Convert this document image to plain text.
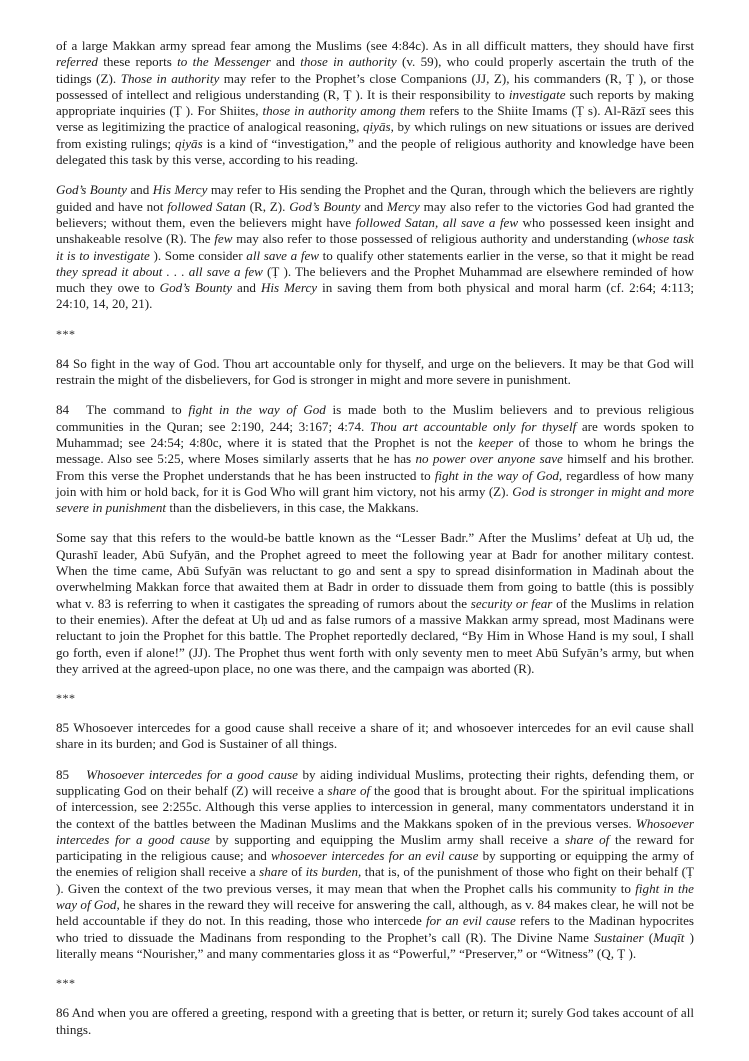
of a large Makkan army spread fear among the Muslims (see 4:84c). As in all difficult matters, they should have first referred these reports to the Messenger and those in authority (v. 59), who could properly ascertain the truth of the tidings (Z). Those in authority may refer to the Prophet’s close Companions (JJ, Z), his commanders (R, Ṭ ), or those possessed of intellect and religious understanding (R, Ṭ ). It is their responsibility to investigate such reports by making appropriate inquiries (Ṭ ). For Shiites, those in authority among them refers to the Shiite Imams (Ṭ s). Al-Rāzī sees this verse as legitimizing the practice of analogical reasoning, qiyās, by which rulings on new situations or issues are derived from existing rulings; qiyās is a kind of “investigation,” and the people of religious authority and knowledge have been delegated this task by this verse, according to his reading.

God’s Bounty and His Mercy may refer to His sending the Prophet and the Quran, through which the believers are rightly guided and have not followed Satan (R, Z). God’s Bounty and Mercy may also refer to the victories God had granted the believers; without them, even the believers might have followed Satan, all save a few who possessed keen insight and unshakeable resolve (R). The few may also refer to those possessed of religious authority and understanding (whose task it is to investigate ). Some consider all save a few to qualify other statements earlier in the verse, so that it might be read they spread it about . . . all save a few (Ṭ ). The believers and the Prophet Muhammad are elsewhere reminded of how much they owe to God’s Bounty and His Mercy in saving them from both physical and moral harm (cf. 2:64; 4:113; 24:10, 14, 20, 21).

***

84 So fight in the way of God. Thou art accountable only for thyself, and urge on the believers. It may be that God will restrain the might of the disbelievers, for God is stronger in might and more severe in punishment.

84 The command to fight in the way of God is made both to the Muslim believers and to previous religious communities in the Quran; see 2:190, 244; 3:167; 4:74. Thou art accountable only for thyself are words spoken to Muhammad; see 24:54; 4:80c, where it is stated that the Prophet is not the keeper of those to whom he brings the message. Also see 5:25, where Moses similarly asserts that he has no power over anyone save himself and his brother. From this verse the Prophet understands that he has been instructed to fight in the way of God, regardless of how many join with him or hold back, for it is God Who will grant him victory, not his army (Z). God is stronger in might and more severe in punishment than the disbelievers, in this case, the Makkans.

Some say that this refers to the would-be battle known as the “Lesser Badr.” After the Muslims’ defeat at Uḥ ud, the Qurashī leader, Abū Sufyān, and the Prophet agreed to meet the following year at Badr for another military contest. When the time came, Abū Sufyān was reluctant to go and sent a spy to spread disinformation in Madinah about the overwhelming Makkan force that awaited them at Badr in order to dissuade them from going to battle (this is possibly what v. 83 is referring to when it castigates the spreading of rumors about the security or fear of the Muslims in relation to their enemies). After the defeat at Uḥ ud and as false rumors of a massive Makkan army spread, most Madinans were reluctant to join the Prophet for this battle. The Prophet reportedly declared, “By Him in Whose Hand is my soul, I shall go forth, even if alone!” (JJ). The Prophet thus went forth with only seventy men to meet Abū Sufyān’s army, but when they arrived at the agreed-upon place, no one was there, and the campaign was aborted (R).

***

85 Whosoever intercedes for a good cause shall receive a share of it; and whosoever intercedes for an evil cause shall share in its burden; and God is Sustainer of all things.

85 Whosoever intercedes for a good cause by aiding individual Muslims, protecting their rights, defending them, or supplicating God on their behalf (Z) will receive a share of the good that is brought about. For the spiritual implications of intercession, see 2:255c. Although this verse applies to intercession in general, many commentators understand it in the context of the battles between the Madinan Muslims and the Makkans spoken of in the previous verses. Whosoever intercedes for a good cause by supporting and equipping the Muslim army shall receive a share of the reward for participating in the religious cause; and whosoever intercedes for an evil cause by supporting or equipping the army of the enemies of religion shall receive a share of its burden, that is, of the punishment of those who fight on their behalf (Ṭ ). Given the context of the two previous verses, it may mean that when the Prophet calls his community to fight in the way of God, he shares in the reward they will receive for answering the call, although, as v. 84 makes clear, he will not be held accountable if they do not. In this reading, those who intercede for an evil cause refers to the Madinan hypocrites who tried to dissuade the Madinans from responding to the Prophet’s call (R). The Divine Name Sustainer (Muqīt ) literally means “Nourisher,” and many commentaries gloss it as “Powerful,” “Preserver,” or “Witness” (Q, Ṭ ).

***

86 And when you are offered a greeting, respond with a greeting that is better, or return it; surely God takes account of all things.
